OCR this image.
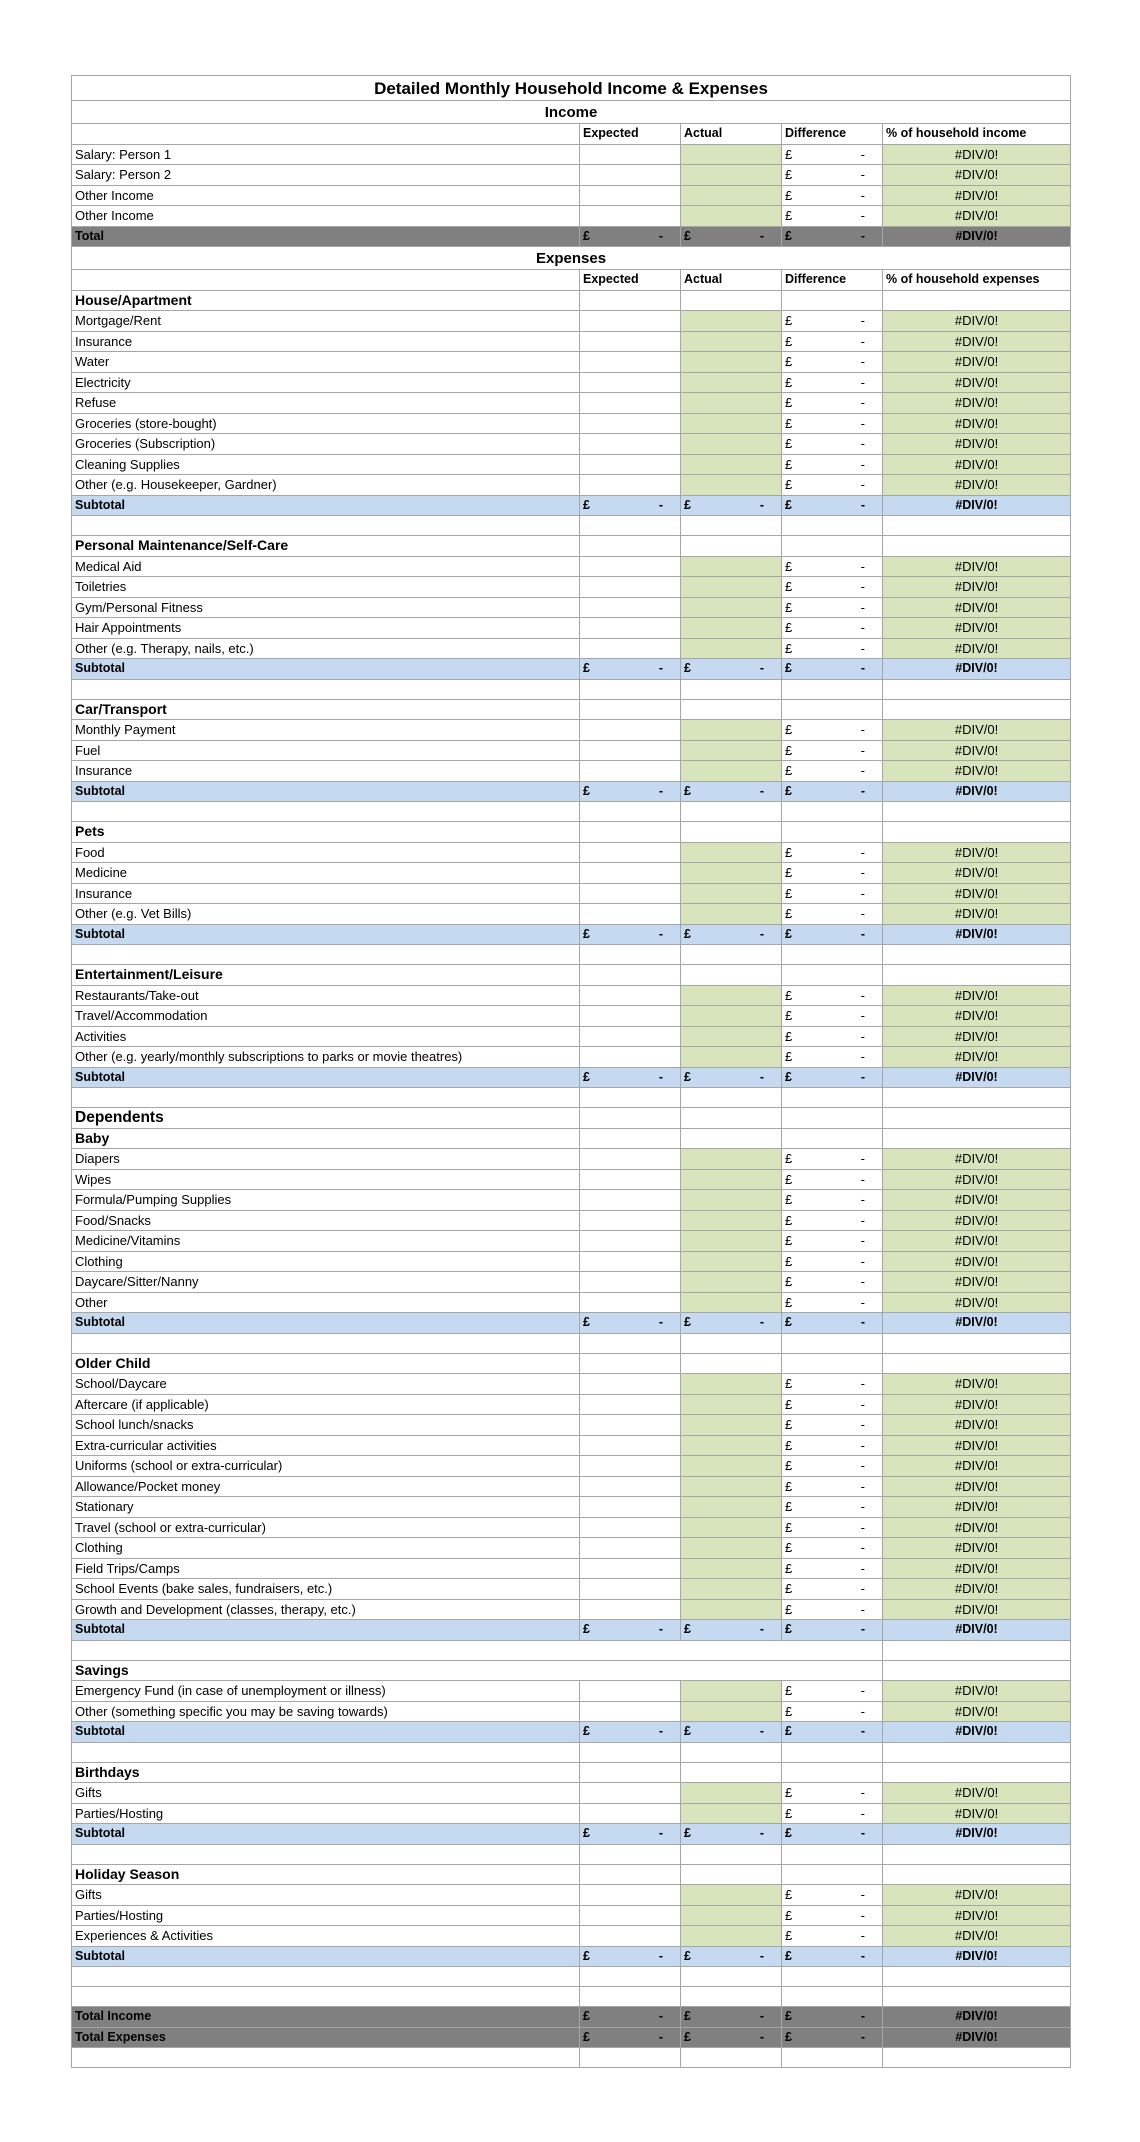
Detailed Monthly Household Income & Expenses				
Income				
	Expected	Actual	Difference	% of household income
Salary: Person 1			£ -	#DIV/0!
Salary: Person 2			£ -	#DIV/0!
Other Income			£ -	#DIV/0!
Other Income			£ -	#DIV/0!
Total	£ -	£ -	£ -	#DIV/0!
Expenses				
	Expected	Actual	Difference	% of household expenses
House/Apartment				
Mortgage/Rent			£ -	#DIV/0!
Insurance			£ -	#DIV/0!
Water			£ -	#DIV/0!
Electricity			£ -	#DIV/0!
Refuse			£ -	#DIV/0!
Groceries (store-bought)			£ -	#DIV/0!
Groceries (Subscription)			£ -	#DIV/0!
Cleaning Supplies			£ -	#DIV/0!
Other (e.g. Housekeeper, Gardner)			£ -	#DIV/0!
Subtotal	£ -	£ -	£ -	#DIV/0!

Personal Maintenance/Self-Care				
Medical Aid			£ -	#DIV/0!
Toiletries			£ -	#DIV/0!
Gym/Personal Fitness			£ -	#DIV/0!
Hair Appointments			£ -	#DIV/0!
Other (e.g. Therapy, nails, etc.)			£ -	#DIV/0!
Subtotal	£ -	£ -	£ -	#DIV/0!

Car/Transport				
Monthly Payment			£ -	#DIV/0!
Fuel			£ -	#DIV/0!
Insurance			£ -	#DIV/0!
Subtotal	£ -	£ -	£ -	#DIV/0!

Pets				
Food			£ -	#DIV/0!
Medicine			£ -	#DIV/0!
Insurance			£ -	#DIV/0!
Other (e.g. Vet Bills)			£ -	#DIV/0!
Subtotal	£ -	£ -	£ -	#DIV/0!

Entertainment/Leisure				
Restaurants/Take-out			£ -	#DIV/0!
Travel/Accommodation			£ -	#DIV/0!
Activities			£ -	#DIV/0!
Other (e.g. yearly/monthly subscriptions to parks or movie theatres)			£ -	#DIV/0!
Subtotal	£ -	£ -	£ -	#DIV/0!

Dependents				
Baby				
Diapers			£ -	#DIV/0!
Wipes			£ -	#DIV/0!
Formula/Pumping Supplies			£ -	#DIV/0!
Food/Snacks			£ -	#DIV/0!
Medicine/Vitamins			£ -	#DIV/0!
Clothing			£ -	#DIV/0!
Daycare/Sitter/Nanny			£ -	#DIV/0!
Other			£ -	#DIV/0!
Subtotal	£ -	£ -	£ -	#DIV/0!

Older Child				
School/Daycare			£ -	#DIV/0!
Aftercare (if applicable)			£ -	#DIV/0!
School lunch/snacks			£ -	#DIV/0!
Extra-curricular activities			£ -	#DIV/0!
Uniforms (school or extra-curricular)			£ -	#DIV/0!
Allowance/Pocket money			£ -	#DIV/0!
Stationary			£ -	#DIV/0!
Travel (school or extra-curricular)			£ -	#DIV/0!
Clothing			£ -	#DIV/0!
Field Trips/Camps			£ -	#DIV/0!
School Events (bake sales, fundraisers, etc.)			£ -	#DIV/0!
Growth and Development (classes, therapy, etc.)			£ -	#DIV/0!
Subtotal	£ -	£ -	£ -	#DIV/0!

Savings				
Emergency Fund (in case of unemployment or illness)			£ -	#DIV/0!
Other (something specific you may be saving towards)			£ -	#DIV/0!
Subtotal	£ -	£ -	£ -	#DIV/0!

Birthdays				
Gifts			£ -	#DIV/0!
Parties/Hosting			£ -	#DIV/0!
Subtotal	£ -	£ -	£ -	#DIV/0!

Holiday Season				
Gifts			£ -	#DIV/0!
Parties/Hosting			£ -	#DIV/0!
Experiences & Activities			£ -	#DIV/0!
Subtotal	£ -	£ -	£ -	#DIV/0!

Total Income	£ -	£ -	£ -	#DIV/0!
Total Expenses	£ -	£ -	£ -	#DIV/0!
